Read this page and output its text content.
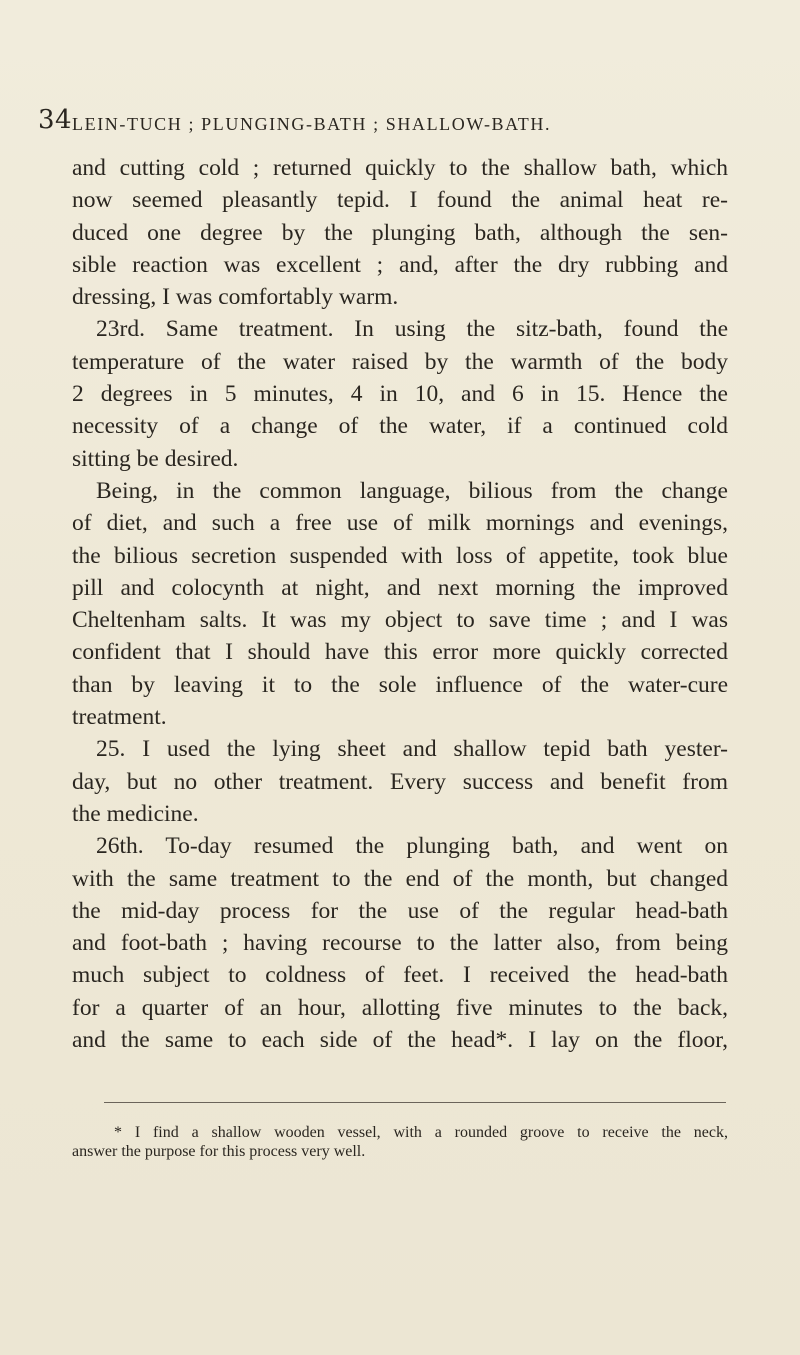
34 LEIN-TUCH ; PLUNGING-BATH ; SHALLOW-BATH.
and cutting cold ; returned quickly to the shallow bath, which
now seemed pleasantly tepid. I found the animal heat re-
duced one degree by the plunging bath, although the sen-
sible reaction was excellent ; and, after the dry rubbing and
dressing, I was comfortably warm.
23rd. Same treatment. In using the sitz-bath, found the
temperature of the water raised by the warmth of the body
2 degrees in 5 minutes, 4 in 10, and 6 in 15. Hence the
necessity of a change of the water, if a continued cold
sitting be desired.
Being, in the common language, bilious from the change
of diet, and such a free use of milk mornings and evenings,
the bilious secretion suspended with loss of appetite, took blue
pill and colocynth at night, and next morning the improved
Cheltenham salts. It was my object to save time ; and I was
confident that I should have this error more quickly corrected
than by leaving it to the sole influence of the water-cure
treatment.
25. I used the lying sheet and shallow tepid bath yester-
day, but no other treatment. Every success and benefit from
the medicine.
26th. To-day resumed the plunging bath, and went on
with the same treatment to the end of the month, but changed
the mid-day process for the use of the regular head-bath
and foot-bath ; having recourse to the latter also, from being
much subject to coldness of feet. I received the head-bath
for a quarter of an hour, allotting five minutes to the back,
and the same to each side of the head*. I lay on the floor,
* I find a shallow wooden vessel, with a rounded groove to receive the neck,
answer the purpose for this process very well.
